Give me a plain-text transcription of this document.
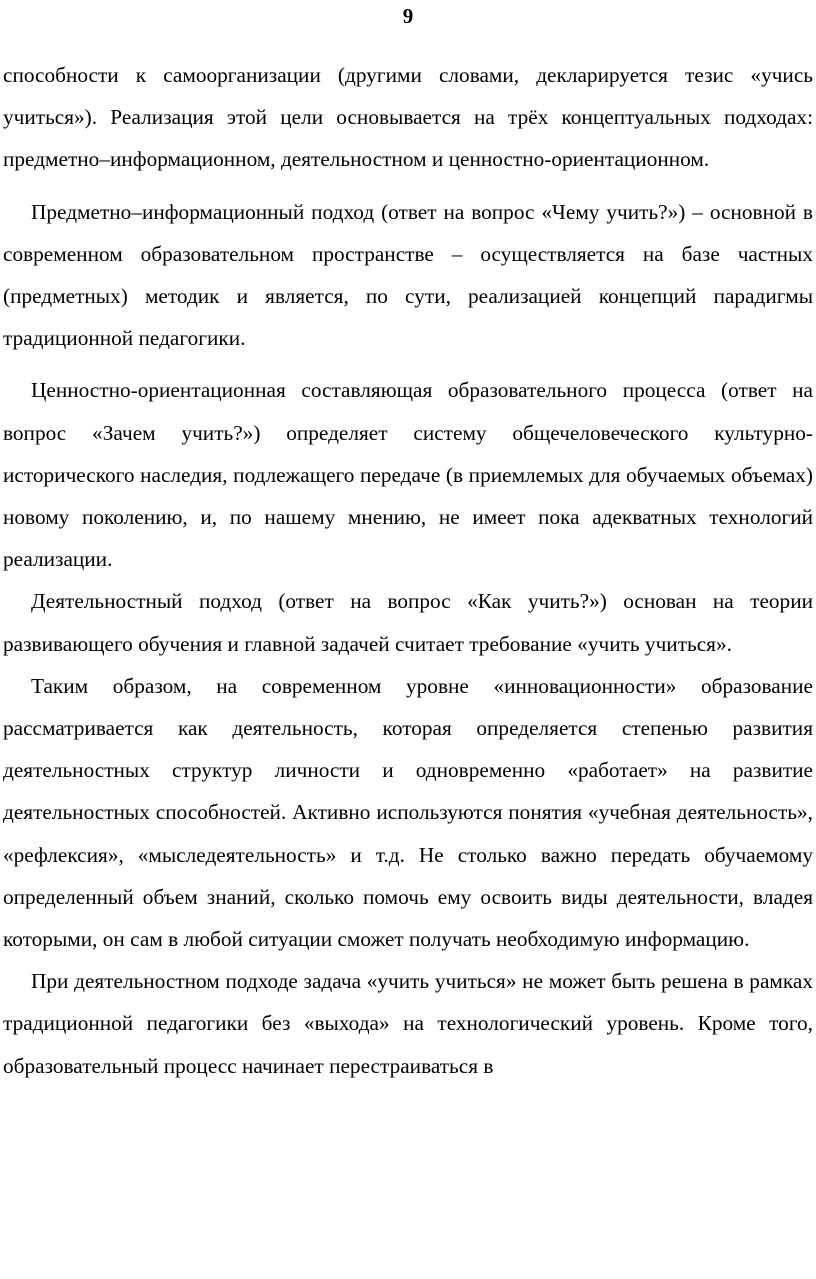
9

способности к самоорганизации (другими словами, декларируется тезис «учись учиться»). Реализация этой цели основывается на трёх концептуальных подходах: предметно–информационном, деятельностном и ценностно-ориентационном.

Предметно–информационный подход (ответ на вопрос «Чему учить?») – основной в современном образовательном пространстве – осуществляется на базе частных (предметных) методик и является, по сути, реализацией концепций парадигмы традиционной педагогики.

Ценностно-ориентационная составляющая образовательного процесса (ответ на вопрос «Зачем учить?») определяет систему общечеловеческого культурно-исторического наследия, подлежащего передаче (в приемлемых для обучаемых объемах) новому поколению, и, по нашему мнению, не имеет пока адекватных технологий реализации.

Деятельностный подход (ответ на вопрос «Как учить?») основан на теории развивающего обучения и главной задачей считает требование «учить учиться».

Таким образом, на современном уровне «инновационности» образование рассматривается как деятельность, которая определяется степенью развития деятельностных структур личности и одновременно «работает» на развитие деятельностных способностей. Активно используются понятия «учебная деятельность», «рефлексия», «мыследеятельность» и т.д. Не столько важно передать обучаемому определенный объем знаний, сколько помочь ему освоить виды деятельности, владея которыми, он сам в любой ситуации сможет получать необходимую информацию.

При деятельностном подходе задача «учить учиться» не может быть решена в рамках традиционной педагогики без «выхода» на технологический уровень. Кроме того, образовательный процесс начинает перестраиваться в
